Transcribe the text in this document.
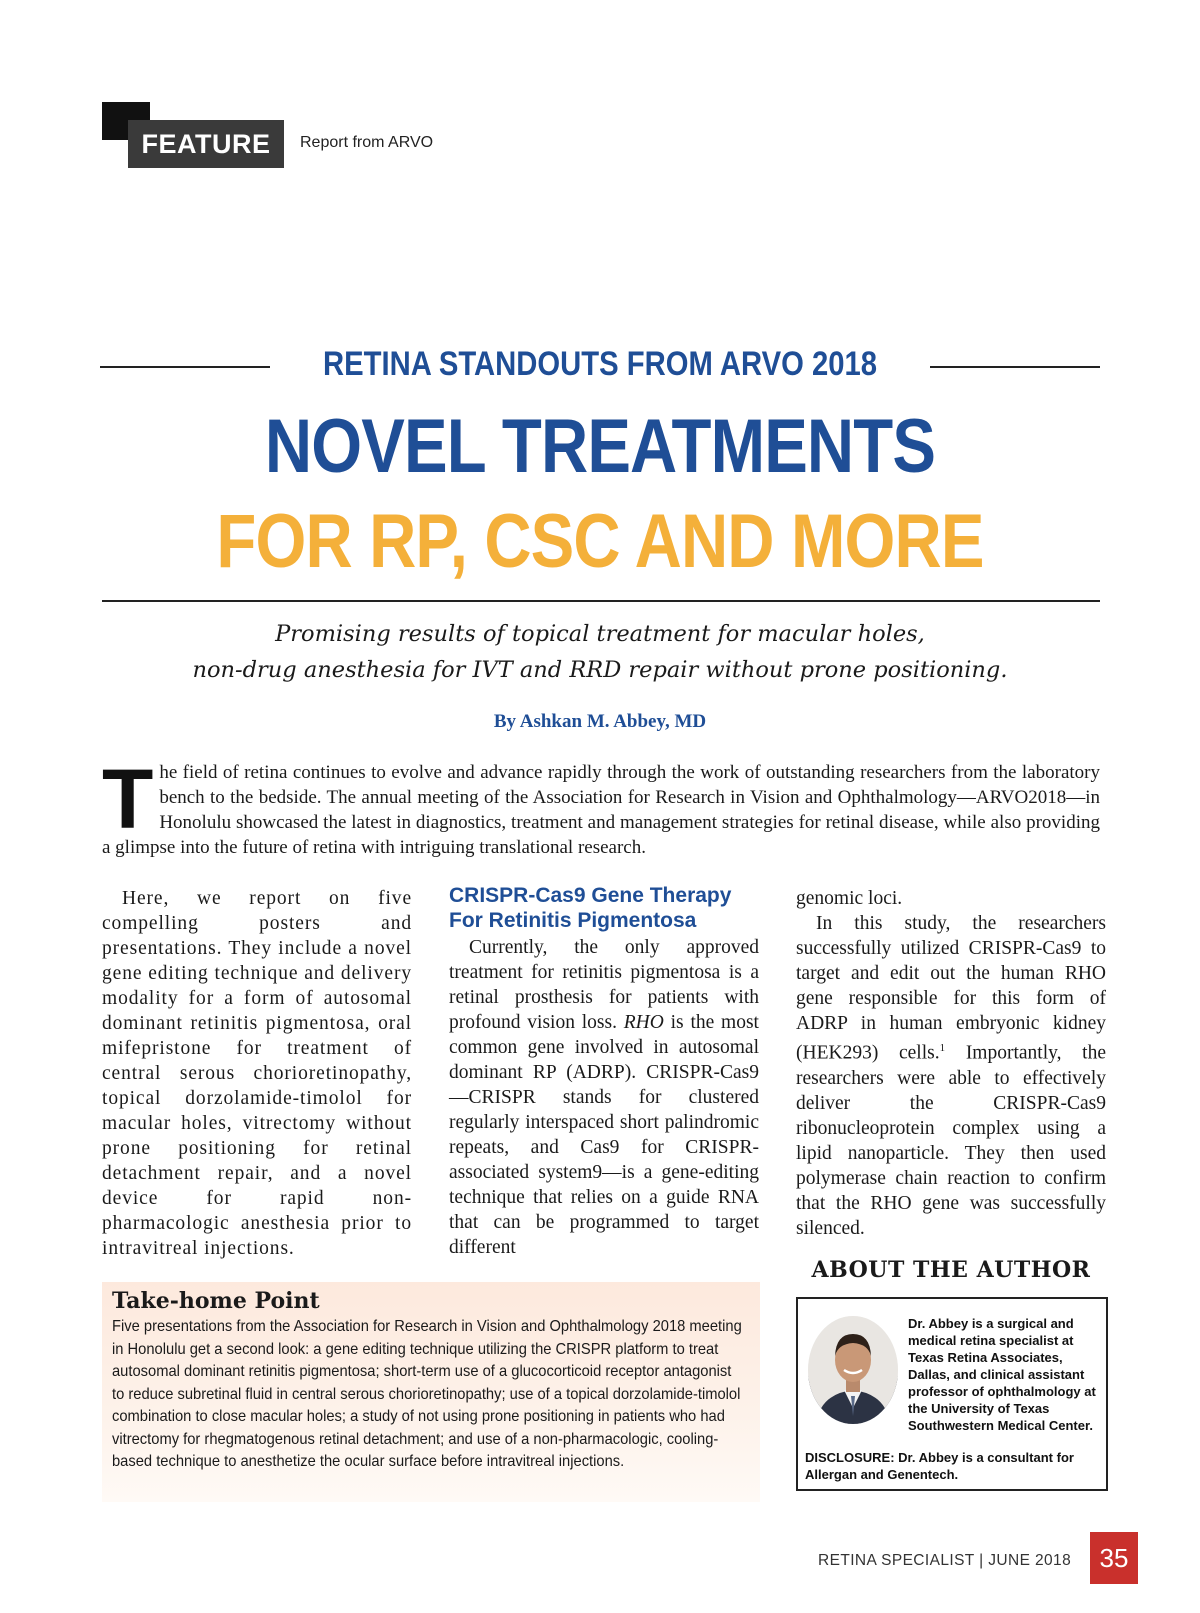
FEATURE	Report from ARVO
RETINA STANDOUTS FROM ARVO 2018
NOVEL TREATMENTS
FOR RP, CSC AND MORE
Promising results of topical treatment for macular holes,
non-drug anesthesia for IVT and RRD repair without prone positioning.
By Ashkan M. Abbey, MD
T he field of retina continues to evolve and advance rapidly through the work of outstanding researchers from the laboratory bench to the bedside. The annual meeting of the Association for Research in Vision and Ophthalmology—ARVO2018—in Honolulu showcased the latest in diagnostics, treatment and management strategies for retinal disease, while also providing a glimpse into the future of retina with intriguing translational research.

Here, we report on five compelling posters and presentations. They include a novel gene editing technique and delivery modality for a form of autosomal dominant retinitis pigmentosa, oral mifepristone for treatment of central serous chorioretinopathy, topical dorzolamide-timolol for macular holes, vitrectomy without prone positioning for retinal detachment repair, and a novel device for rapid non-pharmacologic anesthesia prior to intravitreal injections.

CRISPR-Cas9 Gene Therapy For Retinitis Pigmentosa

Currently, the only approved treatment for retinitis pigmentosa is a retinal prosthesis for patients with profound vision loss. RHO is the most common gene involved in autosomal dominant RP (ADRP). CRISPR-Cas9—CRISPR stands for clustered regularly interspaced short palindromic repeats, and Cas9 for CRISPR-associated system9—is a gene-editing technique that relies on a guide RNA that can be programmed to target different

genomic loci.

In this study, the researchers successfully utilized CRISPR-Cas9 to target and edit out the human RHO gene responsible for this form of ADRP in human embryonic kidney (HEK293) cells.$^1$ Importantly, the researchers were able to effectively deliver the CRISPR-Cas9 ribonucleoprotein complex using a lipid nanoparticle. They then used polymerase chain reaction to confirm that the RHO gene was successfully silenced.

Take-home Point
Five presentations from the Association for Research in Vision and Ophthalmology 2018 meeting in Honolulu get a second look: a gene editing technique utilizing the CRISPR platform to treat autosomal dominant retinitis pigmentosa; short-term use of a glucocorticoid receptor antagonist to reduce subretinal fluid in central serous chorioretinopathy; use of a topical dorzolamide-timolol combination to close macular holes; a study of not using prone positioning in patients who had vitrectomy for rhegmatogenous retinal detachment; and use of a non-pharmacologic, cooling-based technique to anesthetize the ocular surface before intravitreal injections.
ABOUT THE AUTHOR
Dr. Abbey is a surgical and medical retina specialist at Texas Retina Associates, Dallas, and clinical assistant professor of ophthalmology at the University of Texas Southwestern Medical Center.
DISCLOSURE: Dr. Abbey is a consultant for Allergan and Genentech.
RETINA SPECIALIST | JUNE 2018	35
